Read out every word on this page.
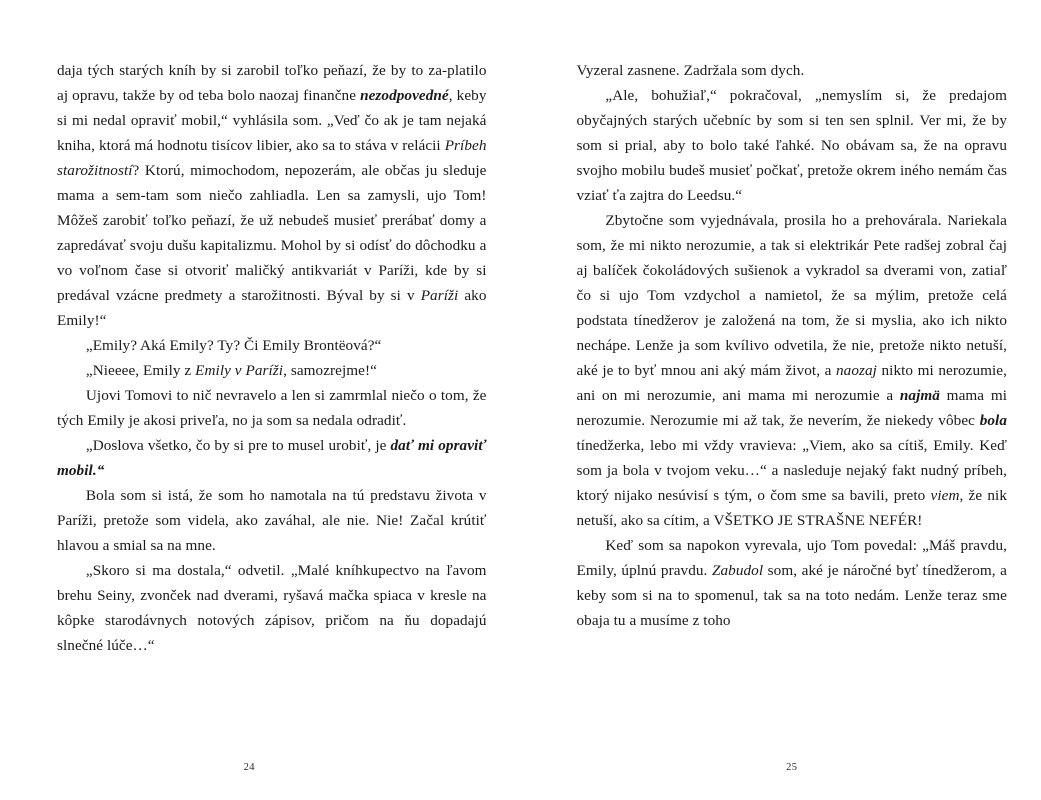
daja tých starých kníh by si zarobil toľko peňazí, že by to za-platilo aj opravu, takže by od teba bolo naozaj finančne nezodpovedné, keby si mi nedal opraviť mobil,“ vyhlásila som. „Veď čo ak je tam nejaká kniha, ktorá má hodnotu tisícov libier, ako sa to stáva v relácii Príbeh starožitností? Ktorú, mimochodom, nepozerám, ale občas ju sleduje mama a sem-tam som niečo zahliadla. Len sa zamysli, ujo Tom! Môžeš zarobiť toľko peňazí, že už nebudeš musieť prerábať domy a zapredávať svoju dušu kapitalizmu. Mohol by si odísť do dôchodku a vo voľnom čase si otvoriť maličký antikvariát v Paríži, kde by si predával vzácne predmety a starožitnosti. Býval by si v Paríži ako Emily!“

„Emily? Aká Emily? Ty? Či Emily Brontëová?“

„Nieeee, Emily z Emily v Paríži, samozrejme!“

Ujovi Tomovi to nič nevravelo a len si zamrmlal niečo o tom, že tých Emily je akosi priveľa, no ja som sa nedala odradiť.

„Doslova všetko, čo by si pre to musel urobiť, je dať mi opraviť mobil.“

Bola som si istá, že som ho namotala na tú predstavu života v Paríži, pretože som videla, ako zaváhal, ale nie. Nie! Začal krútiť hlavou a smial sa na mne.

„Skoro si ma dostala,“ odvetil. „Malé kníhkupectvo na ľavom brehu Seiny, zvonček nad dverami, ryšavá mačka spiaca v kresle na kôpke starodávnych notových zápisov, pričom na ňu dopadajú slnečné lúče…“

24

Vyzeral zasnene. Zadržala som dych.

„Ale, bohužiaľ,“ pokračoval, „nemyslím si, že predajom obyčajných starých učebníc by som si ten sen splnil. Ver mi, že by som si prial, aby to bolo také ľahké. No obávam sa, že na opravu svojho mobilu budeš musieť počkať, pretože okrem iného nemám čas vziať ťa zajtra do Leedsu.“

Zbytočne som vyjednávala, prosila ho a prehovárala. Nariekala som, že mi nikto nerozumie, a tak si elektrikár Pete radšej zobral čaj aj balíček čokoládových sušienok a vykradol sa dverami von, zatiaľ čo si ujo Tom vzdychol a namietol, že sa mýlim, pretože celá podstata tínedžerov je založená na tom, že si myslia, ako ich nikto nechápe. Lenže ja som kvílivo odvetila, že nie, pretože nikto netuší, aké je to byť mnou ani aký mám život, a naozaj nikto mi nerozumie, ani on mi nerozumie, ani mama mi nerozumie a najmä mama mi nerozumie. Nerozumie mi až tak, že neverím, že niekedy vôbec bola tínedžerka, lebo mi vždy vravieva: „Viem, ako sa cítiš, Emily. Keď som ja bola v tvojom veku…“ a nasleduje nejaký fakt nudný príbeh, ktorý nijako nesúvisí s tým, o čom sme sa bavili, preto viem, že nik netuší, ako sa cítim, a VŠETKO JE STRAŠNE NEFÉR!

Keď som sa napokon vyrevala, ujo Tom povedal: „Máš pravdu, Emily, úplnú pravdu. Zabudol som, aké je náročné byť tínedžerom, a keby som si na to spomenul, tak sa na toto nedám. Lenže teraz sme obaja tu a musíme z toho

25
